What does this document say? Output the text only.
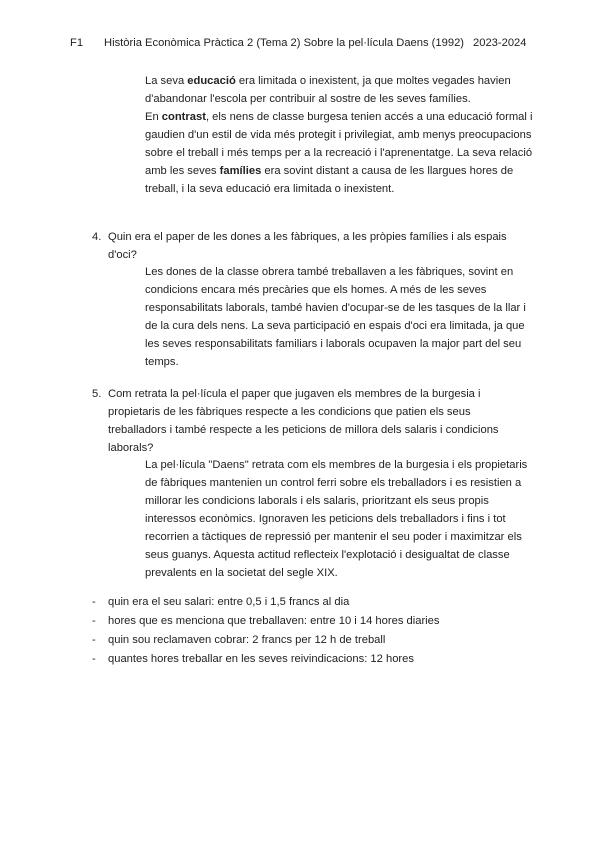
F1 Història Econòmica Pràctica 2 (Tema 2) Sobre la pel·lícula Daens (1992) 2023-2024

La seva educació era limitada o inexistent, ja que moltes vegades havien d'abandonar l'escola per contribuir al sostre de les seves famílies.

En contrast, els nens de classe burgesa tenien accés a una educació formal i gaudien d'un estil de vida més protegit i privilegiat, amb menys preocupacions sobre el treball i més temps per a la recreació i l'aprenentatge. La seva relació amb les seves famílies era sovint distant a causa de les llargues hores de treball, i la seva educació era limitada o inexistent.

4. Quin era el paper de les dones a les fàbriques, a les pròpies famílies i als espais d'oci?
Les dones de la classe obrera també treballaven a les fàbriques, sovint en condicions encara més precàries que els homes. A més de les seves responsabilitats laborals, també havien d'ocupar-se de les tasques de la llar i de la cura dels nens. La seva participació en espais d'oci era limitada, ja que les seves responsabilitats familiars i laborals ocupaven la major part del seu temps.
5. Com retrata la pel·lícula el paper que jugaven els membres de la burgesia i propietaris de les fàbriques respecte a les condicions que patien els seus treballadors i també respecte a les peticions de millora dels salaris i condicions laborals?
La pel·lícula "Daens" retrata com els membres de la burgesia i els propietaris de fàbriques mantenien un control ferri sobre els treballadors i es resistien a millorar les condicions laborals i els salaris, prioritzant els seus propis interessos econòmics. Ignoraven les peticions dels treballadors i fins i tot recorrien a tàctiques de repressió per mantenir el seu poder i maximitzar els seus guanys. Aquesta actitud reflecteix l'explotació i desigualtat de classe prevalents en la societat del segle XIX.
- quin era el seu salari: entre 0,5 i 1,5 francs al dia
- hores que es menciona que treballaven: entre 10 i 14 hores diaries
- quin sou reclamaven cobrar: 2 francs per 12 h de treball
- quantes hores treballar en les seves reivindicacions: 12 hores
